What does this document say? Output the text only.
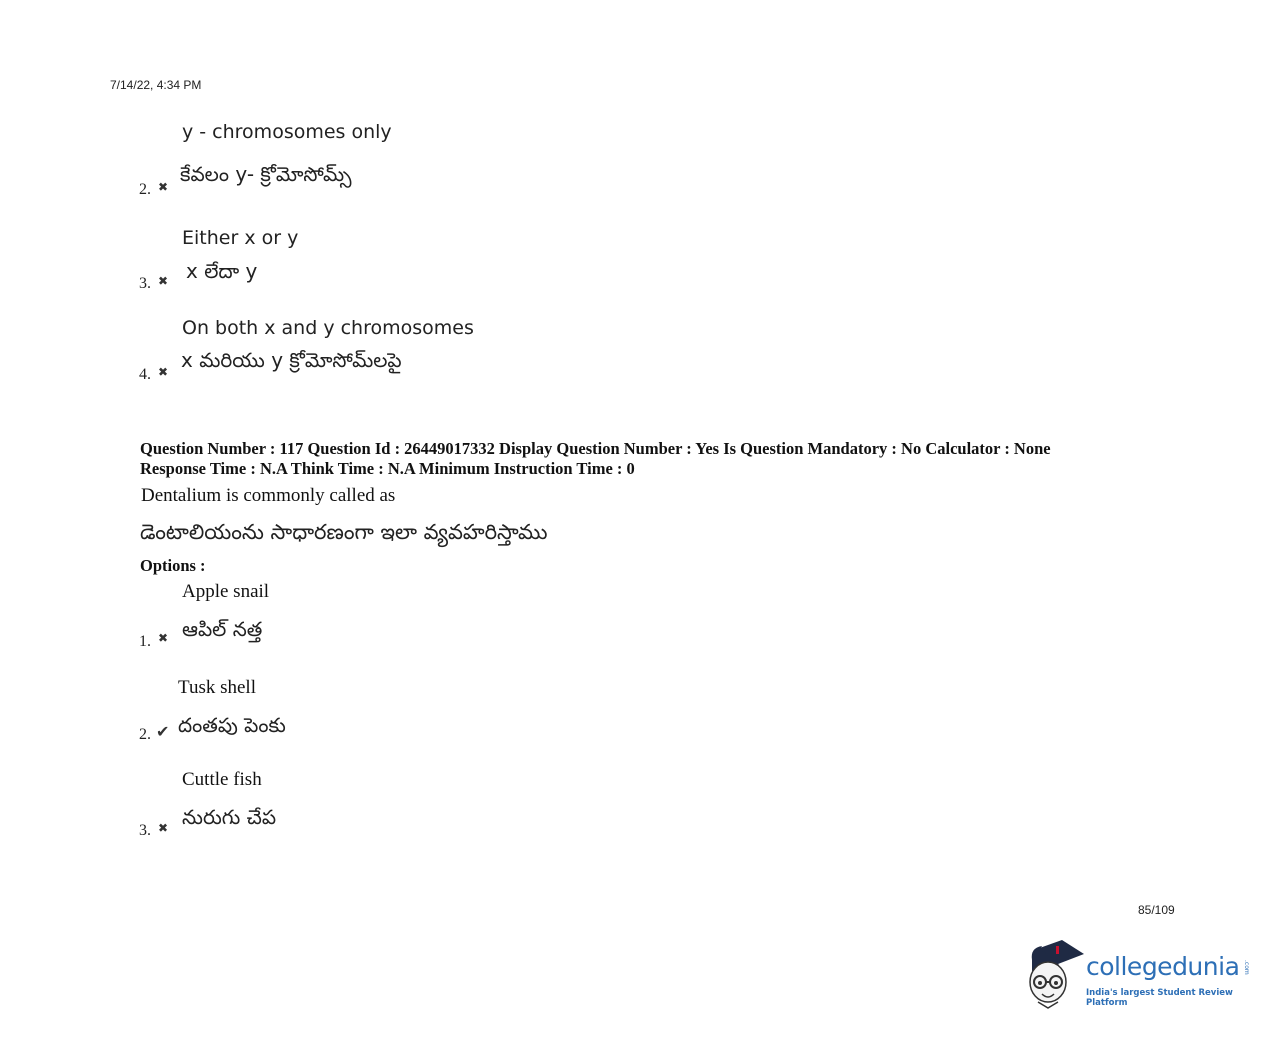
7/14/22, 4:34 PM
y - chromosomes only
కేవలం y- క్రోమోసోమ్స్
2. ✖
Either x or y
x లేదా y
3. ✖
On both x and y chromosomes
x మరియు y క్రోమోసోమ్‌లపై
4. ✖
Question Number : 117 Question Id : 26449017332 Display Question Number : Yes Is Question Mandatory : No Calculator : None
Response Time : N.A Think Time : N.A Minimum Instruction Time : 0
Dentalium is commonly called as
డెంటాలియంను సాధారణంగా ఇలా వ్యవహరిస్తాము
Options :
Apple snail
ఆపిల్ నత్త
1. ✖
Tusk shell
దంతపు పెంకు
2. ✔
Cuttle fish
నురుగు చేప
3. ✖
85/109
collegedunia .com
India's largest Student Review Platform
